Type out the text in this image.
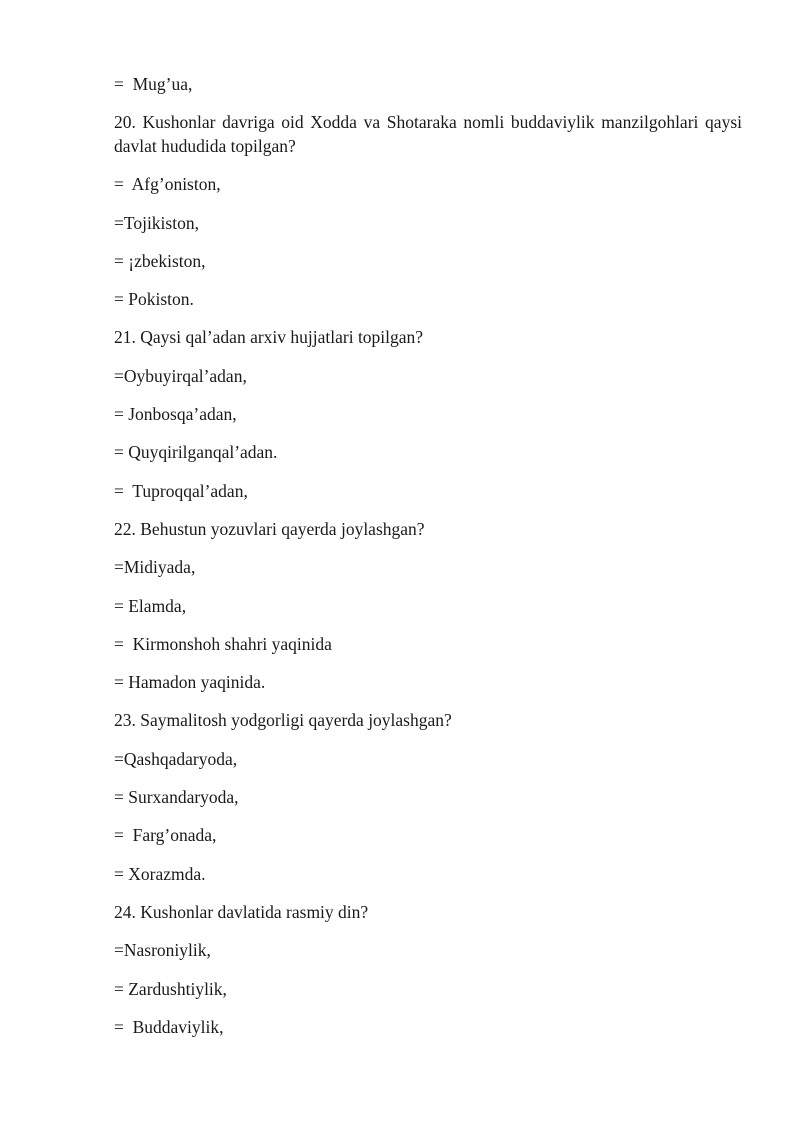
=  Mug’ua,
20. Kushonlar davriga oid Xodda va Shotaraka nomli buddaviylik manzilgohlari qaysi davlat hududida topilgan?
=  Afg’oniston,
=Tojikiston,
= ¡zbekiston,
= Pokiston.
21. Qaysi qal’adan arxiv hujjatlari topilgan?
=Oybuyirqal’adan,
= Jonbosqa’adan,
= Quyqirilganqal’adan.
=  Tuproqqal’adan,
22. Behustun yozuvlari qayerda joylashgan?
=Midiyada,
= Elamda,
=  Kirmonshoh shahri yaqinida
= Hamadon yaqinida.
23. Saymalitosh yodgorligi qayerda joylashgan?
=Qashqadaryoda,
= Surxandaryoda,
=  Farg’onada,
= Xorazmda.
24. Kushonlar davlatida rasmiy din?
=Nasroniylik,
= Zardushtiylik,
=  Buddaviylik,
